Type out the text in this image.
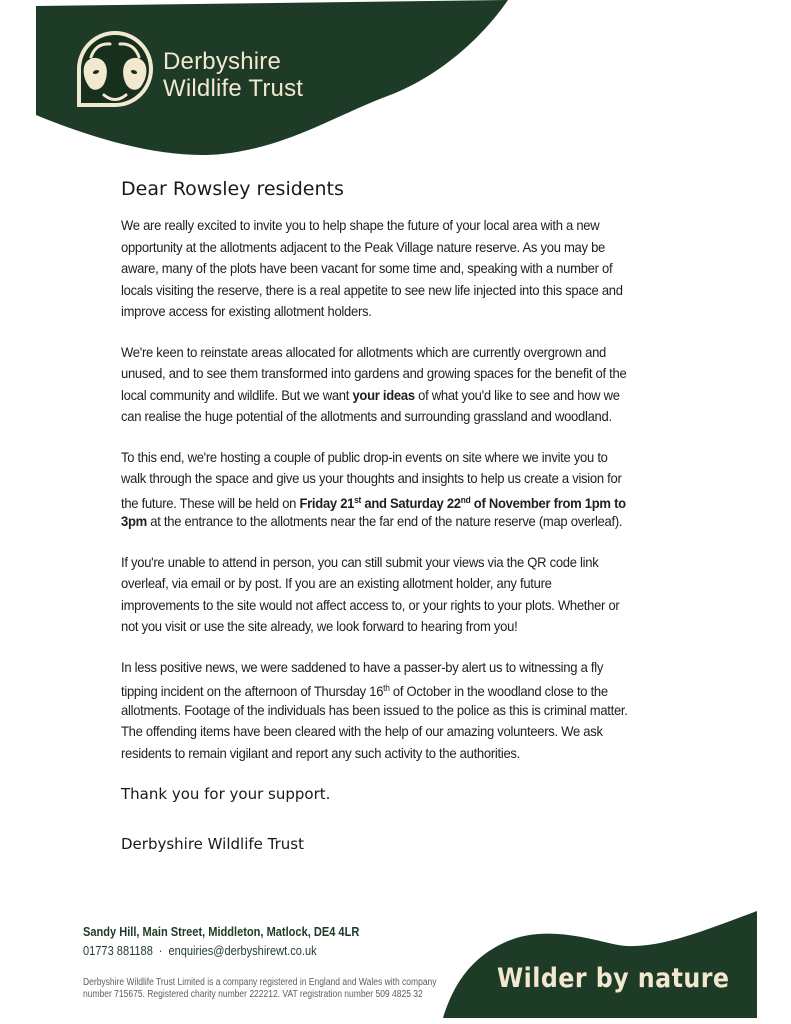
Derbyshire
Wildlife Trust
Dear Rowsley residents
We are really excited to invite you to help shape the future of your local area with a new
opportunity at the allotments adjacent to the Peak Village nature reserve. As you may be
aware, many of the plots have been vacant for some time and, speaking with a number of
locals visiting the reserve, there is a real appetite to see new life injected into this space and
improve access for existing allotment holders.
We're keen to reinstate areas allocated for allotments which are currently overgrown and
unused, and to see them transformed into gardens and growing spaces for the benefit of the
local community and wildlife. But we want your ideas of what you'd like to see and how we
can realise the huge potential of the allotments and surrounding grassland and woodland.
To this end, we're hosting a couple of public drop-in events on site where we invite you to
walk through the space and give us your thoughts and insights to help us create a vision for
the future. These will be held on Friday 21st and Saturday 22nd of November from 1pm to
3pm at the entrance to the allotments near the far end of the nature reserve (map overleaf).
If you're unable to attend in person, you can still submit your views via the QR code link
overleaf, via email or by post. If you are an existing allotment holder, any future
improvements to the site would not affect access to, or your rights to your plots. Whether or
not you visit or use the site already, we look forward to hearing from you!
In less positive news, we were saddened to have a passer-by alert us to witnessing a fly
tipping incident on the afternoon of Thursday 16th of October in the woodland close to the
allotments. Footage of the individuals has been issued to the police as this is criminal matter.
The offending items have been cleared with the help of our amazing volunteers. We ask
residents to remain vigilant and report any such activity to the authorities.

Thank you for your support.

Derbyshire Wildlife Trust

Sandy Hill, Main Street, Middleton, Matlock, DE4 4LR
01773 881188 · enquiries@derbyshirewt.co.uk
Derbyshire Wildlife Trust Limited is a company registered in England and Wales with company
number 715675. Registered charity number 222212. VAT registration number 509 4825 32	Wilder by nature
